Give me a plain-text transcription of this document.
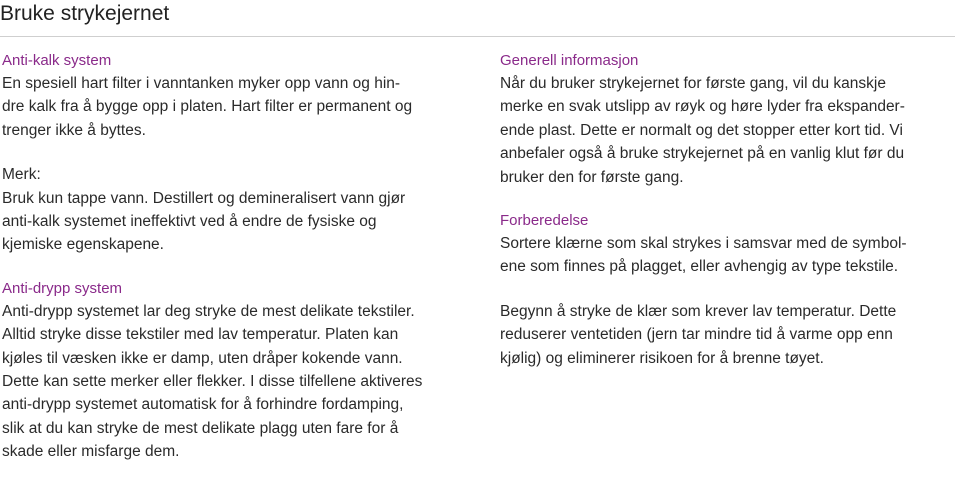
Bruke strykejernet
Anti-kalk system
En spesiell hart filter i vanntanken myker opp vann og hin-
dre kalk fra å bygge opp i platen. Hart filter er permanent og
trenger ikke å byttes.
Merk:
Bruk kun tappe vann. Destillert og demineralisert vann gjør
anti-kalk systemet ineffektivt ved å endre de fysiske og
kjemiske egenskapene.
Anti-drypp system
Anti-drypp systemet lar deg stryke de mest delikate tekstiler.
Alltid stryke disse tekstiler med lav temperatur. Platen kan
kjøles til væsken ikke er damp, uten dråper kokende vann.
Dette kan sette merker eller flekker. I disse tilfellene aktiveres
anti-drypp systemet automatisk for å forhindre fordamping,
slik at du kan stryke de mest delikate plagg uten fare for å
skade eller misfarge dem.
Generell informasjon
Når du bruker strykejernet for første gang, vil du kanskje
merke en svak utslipp av røyk og høre lyder fra ekspander-
ende plast. Dette er normalt og det stopper etter kort tid. Vi
anbefaler også å bruke strykejernet på en vanlig klut før du
bruker den for første gang.
Forberedelse
Sortere klærne som skal strykes i samsvar med de symbol-
ene som finnes på plagget, eller avhengig av type tekstile.
Begynn å stryke de klær som krever lav temperatur. Dette
reduserer ventetiden (jern tar mindre tid å varme opp enn
kjølig) og eliminerer risikoen for å brenne tøyet.
